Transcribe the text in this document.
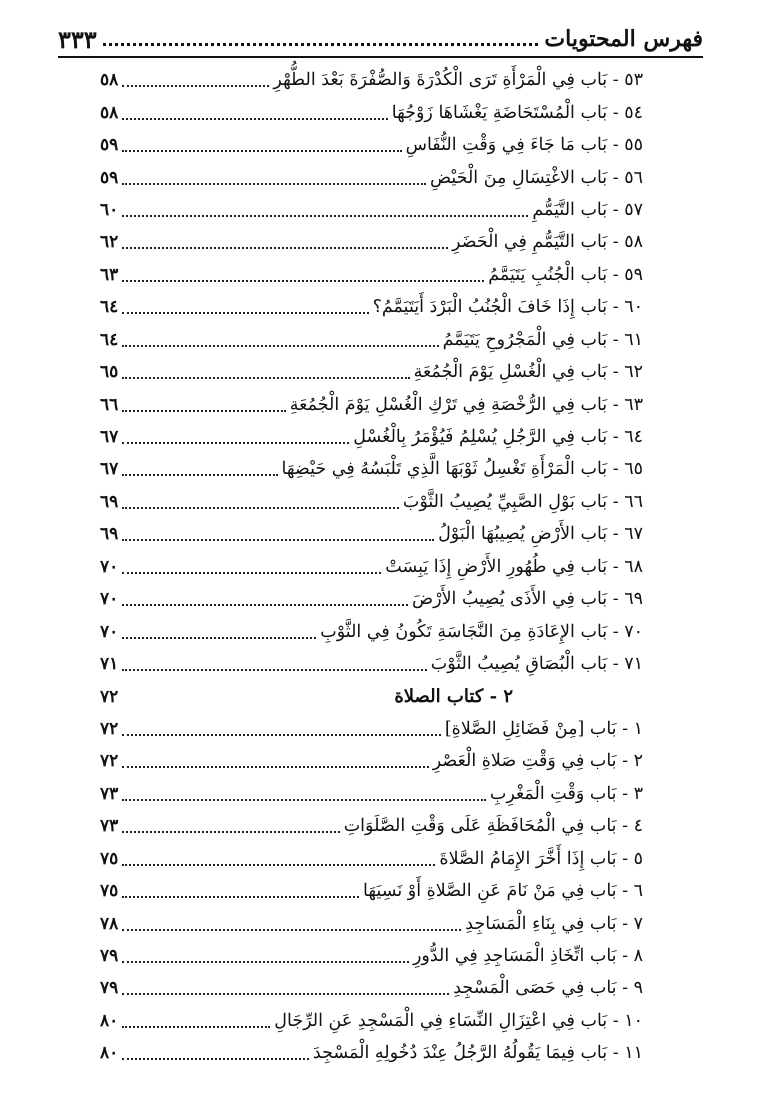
فهرس المحتويات
٣٣٣
٥٣ - بَاب فِي الْمَرْأَةِ تَرَى الْكُدْرَةَ وَالصُّفْرَةَ بَعْدَ الطُّهْرِ
٥٨
٥٤ - بَاب الْمُسْتَحَاضَةِ يَغْشَاهَا زَوْجُهَا
٥٨
٥٥ - بَاب مَا جَاءَ فِي وَقْتِ النُّفَاسِ
٥٩
٥٦ - بَاب الاغْتِسَالِ مِنَ الْحَيْضِ
٥٩
٥٧ - بَاب التَّيَمُّمِ
٦٠
٥٨ - بَاب التَّيَمُّمِ فِي الْحَضَرِ
٦٢
٥٩ - بَاب الْجُنُبِ يَتَيَمَّمُ
٦٣
٦٠ - بَاب إِذَا خَافَ الْجُنُبُ الْبَرْدَ أَيَتَيَمَّمُ؟
٦٤
٦١ - بَاب فِي الْمَجْرُوحِ يَتَيَمَّمُ
٦٤
٦٢ - بَاب فِي الْغُسْلِ يَوْمَ الْجُمُعَةِ
٦٥
٦٣ - بَاب فِي الرُّخْصَةِ فِي تَرْكِ الْغُسْلِ يَوْمَ الْجُمُعَةِ
٦٦
٦٤ - بَاب فِي الرَّجُلِ يُسْلِمُ فَيُؤْمَرُ بِالْغُسْلِ
٦٧
٦٥ - بَاب الْمَرْأَةِ تَغْسِلُ ثَوْبَهَا الَّذِي تَلْبَسُهُ فِي حَيْضِهَا
٦٧
٦٦ - بَاب بَوْلِ الصَّبِيِّ يُصِيبُ الثَّوْبَ
٦٩
٦٧ - بَاب الأَرْضِ يُصِيبُهَا الْبَوْلُ
٦٩
٦٨ - بَاب فِي طُهُورِ الأَرْضِ إِذَا يَبِسَتْ
٧٠
٦٩ - بَاب فِي الأَذَى يُصِيبُ الأَرْضَ
٧٠
٧٠ - بَاب الإِعَادَةِ مِنَ النَّجَاسَةِ تَكُونُ فِي الثَّوْبِ
٧٠
٧١ - بَاب الْبُصَاقِ يُصِيبُ الثَّوْبَ
٧١
٢ - كتاب الصلاة
٧٢
١ - بَاب [مِنْ فَضَائِلِ الصَّلاةِ]
٧٢
٢ - بَاب فِي وَقْتِ صَلاةِ الْعَصْرِ
٧٢
٣ - بَاب وَقْتِ الْمَغْرِبِ
٧٣
٤ - بَاب فِي الْمُحَافَظَةِ عَلَى وَقْتِ الصَّلَوَاتِ
٧٣
٥ - بَاب إِذَا أَخَّرَ الإِمَامُ الصَّلاةَ
٧٥
٦ - بَاب فِي مَنْ نَامَ عَنِ الصَّلاةِ أَوْ نَسِيَهَا
٧٥
٧ - بَاب فِي بِنَاءِ الْمَسَاجِدِ
٧٨
٨ - بَاب اتِّخَاذِ الْمَسَاجِدِ فِي الدُّورِ
٧٩
٩ - بَاب فِي حَصَى الْمَسْجِدِ
٧٩
١٠ - بَاب فِي اعْتِزَالِ النِّسَاءِ فِي الْمَسْجِدِ عَنِ الرِّجَالِ
٨٠
١١ - بَاب فِيمَا يَقُولُهُ الرَّجُلُ عِنْدَ دُخُولِهِ الْمَسْجِدَ
٨٠
